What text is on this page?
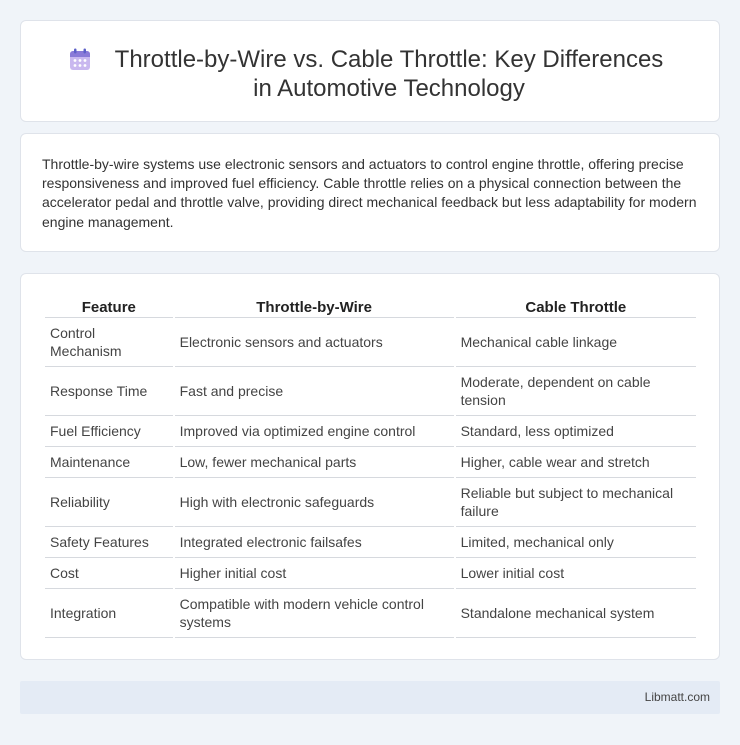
Throttle-by-Wire vs. Cable Throttle: Key Differences in Automotive Technology

Throttle-by-wire systems use electronic sensors and actuators to control engine throttle, offering precise responsiveness and improved fuel efficiency. Cable throttle relies on a physical connection between the accelerator pedal and throttle valve, providing direct mechanical feedback but less adaptability for modern engine management.

Feature	Throttle-by-Wire	Cable Throttle
Control Mechanism	Electronic sensors and actuators	Mechanical cable linkage
Response Time	Fast and precise	Moderate, dependent on cable tension
Fuel Efficiency	Improved via optimized engine control	Standard, less optimized
Maintenance	Low, fewer mechanical parts	Higher, cable wear and stretch
Reliability	High with electronic safeguards	Reliable but subject to mechanical failure
Safety Features	Integrated electronic failsafes	Limited, mechanical only
Cost	Higher initial cost	Lower initial cost
Integration	Compatible with modern vehicle control systems	Standalone mechanical system
Libmatt.com
